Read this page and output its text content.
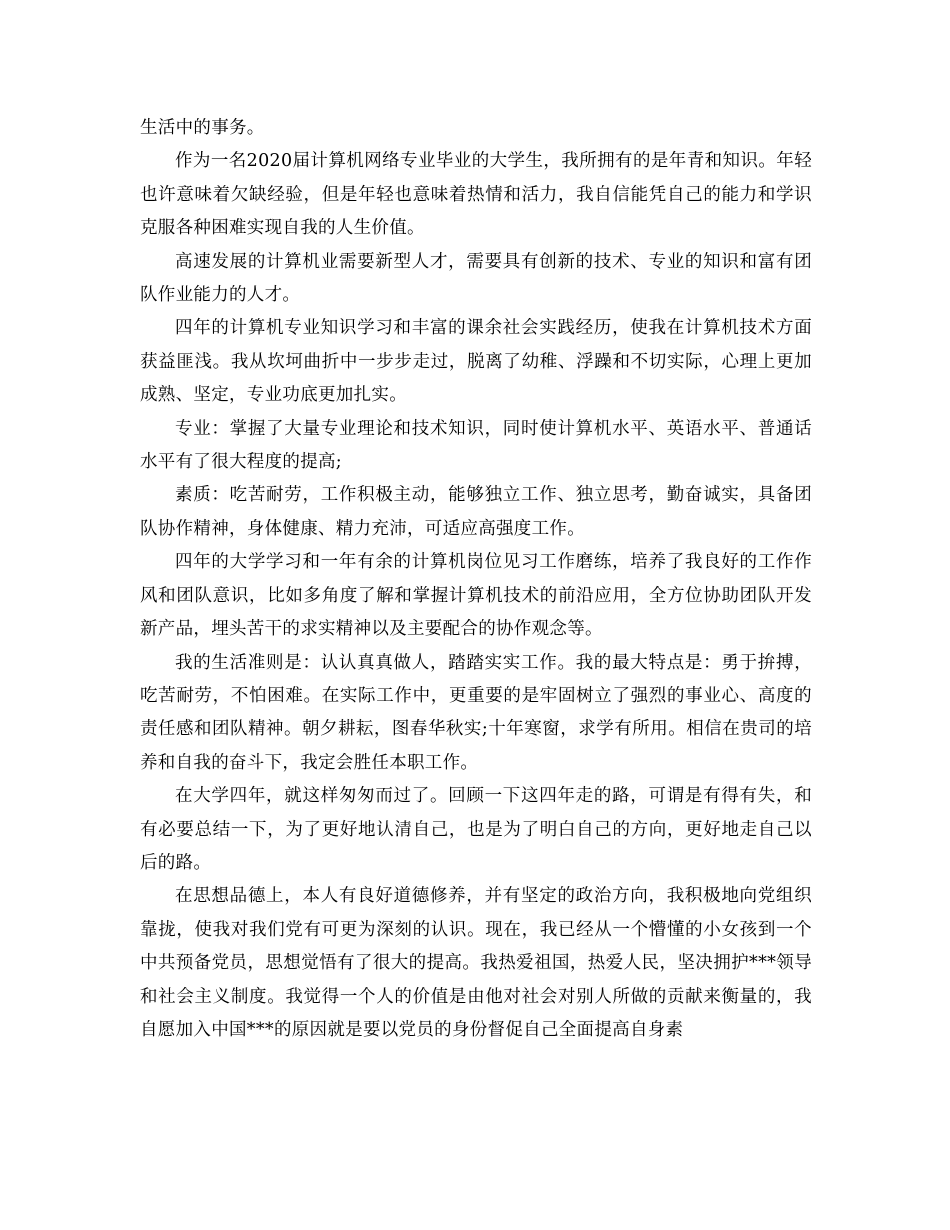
生活中的事务。

作为一名2020届计算机网络专业毕业的大学生，我所拥有的是年青和知识。年轻也许意味着欠缺经验，但是年轻也意味着热情和活力，我自信能凭自己的能力和学识克服各种困难实现自我的人生价值。

高速发展的计算机业需要新型人才，需要具有创新的技术、专业的知识和富有团队作业能力的人才。

四年的计算机专业知识学习和丰富的课余社会实践经历，使我在计算机技术方面获益匪浅。我从坎坷曲折中一步步走过，脱离了幼稚、浮躁和不切实际，心理上更加成熟、坚定，专业功底更加扎实。

专业：掌握了大量专业理论和技术知识，同时使计算机水平、英语水平、普通话水平有了很大程度的提高;

素质：吃苦耐劳，工作积极主动，能够独立工作、独立思考，勤奋诚实，具备团队协作精神，身体健康、精力充沛，可适应高强度工作。

四年的大学学习和一年有余的计算机岗位见习工作磨练，培养了我良好的工作作风和团队意识，比如多角度了解和掌握计算机技术的前沿应用，全方位协助团队开发新产品，埋头苦干的求实精神以及主要配合的协作观念等。

我的生活准则是：认认真真做人，踏踏实实工作。我的最大特点是：勇于拚搏，吃苦耐劳，不怕困难。在实际工作中，更重要的是牢固树立了强烈的事业心、高度的责任感和团队精神。朝夕耕耘，图春华秋实;十年寒窗，求学有所用。相信在贵司的培养和自我的奋斗下，我定会胜任本职工作。

在大学四年，就这样匆匆而过了。回顾一下这四年走的路，可谓是有得有失，和有必要总结一下，为了更好地认清自己，也是为了明白自己的方向，更好地走自己以后的路。

在思想品德上，本人有良好道德修养，并有坚定的政治方向，我积极地向党组织靠拢，使我对我们党有可更为深刻的认识。现在，我已经从一个懵懂的小女孩到一个中共预备党员，思想觉悟有了很大的提高。我热爱祖国，热爱人民，坚决拥护***领导和社会主义制度。我觉得一个人的价值是由他对社会对别人所做的贡献来衡量的，我自愿加入中国***的原因就是要以党员的身份督促自己全面提高自身素
